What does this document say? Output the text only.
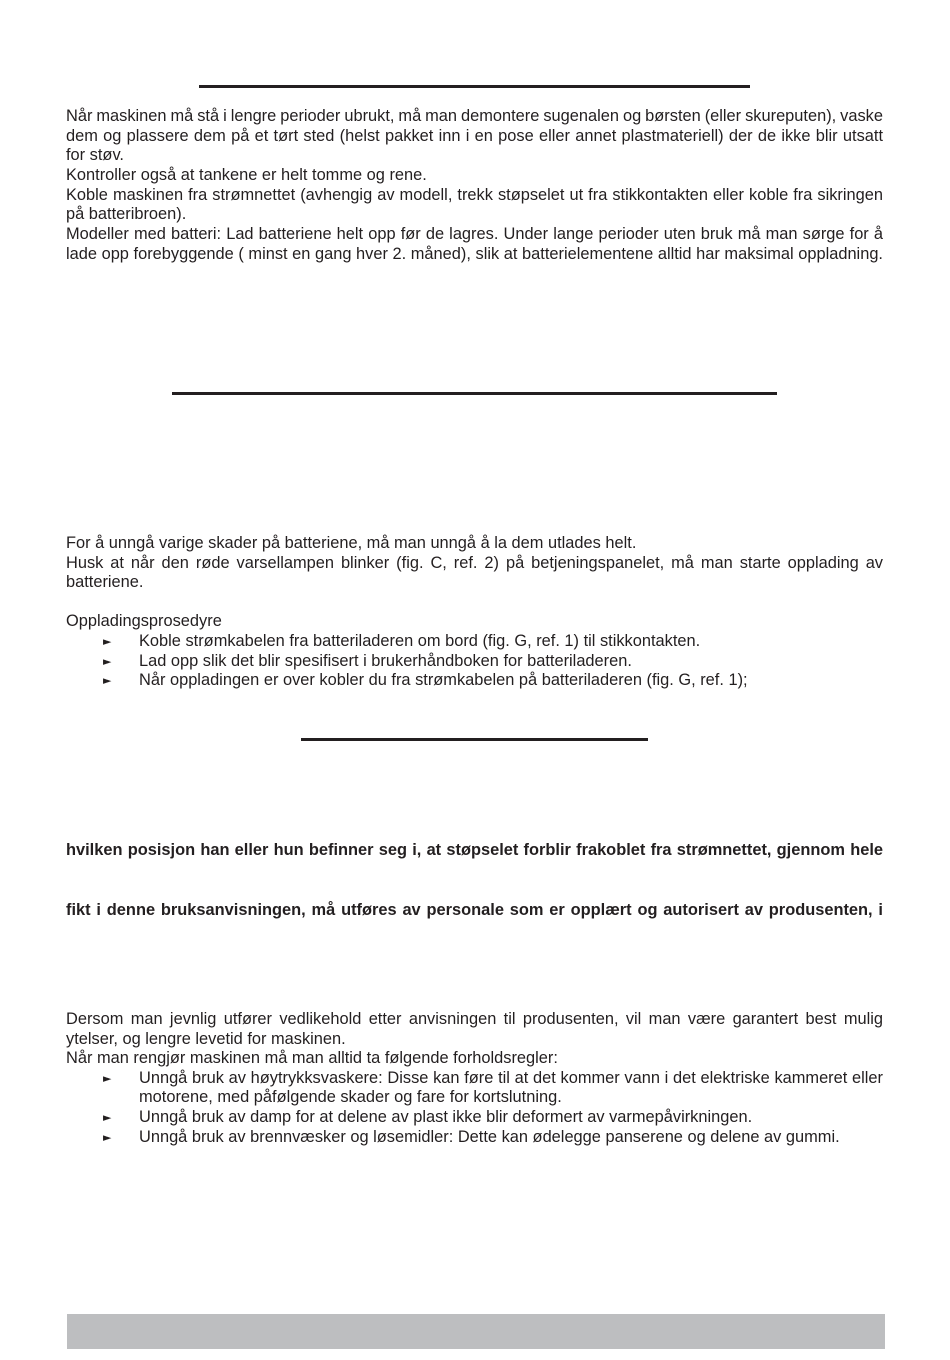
Når maskinen må stå i lengre perioder ubrukt, må man demontere sugenalen og børsten (eller skureputen), vaske
dem og plassere dem på et tørt sted (helst pakket inn i en pose eller annet plastmateriell) der de ikke blir utsatt
for støv.
Kontroller også at tankene er helt tomme og rene.
Koble maskinen fra strømnettet (avhengig av modell, trekk støpselet ut fra stikkontakten eller koble fra sikringen
på batteribroen).
Modeller med batteri: Lad batteriene helt opp før de lagres. Under lange perioder uten bruk må man sørge for å
lade opp forebyggende ( minst en gang hver 2. måned), slik at batterielementene alltid har maksimal oppladning.
For å unngå varige skader på batteriene, må man unngå å la dem utlades helt.
Husk at når den røde varsellampen blinker (fig. C, ref. 2) på betjeningspanelet, må man starte opplading av
batteriene.
Oppladingsprosedyre
► Koble strømkabelen fra batteriladeren om bord (fig. G, ref. 1) til stikkontakten.
► Lad opp slik det blir spesifisert i brukerhåndboken for batteriladeren.
► Når oppladingen er over kobler du fra strømkabelen på batteriladeren (fig. G, ref. 1);
hvilken posisjon han eller hun befinner seg i, at støpselet forblir frakoblet fra strømnettet, gjennom hele
fikt i denne bruksanvisningen, må utføres av personale som er opplært og autorisert av produsenten, i
Dersom man jevnlig utfører vedlikehold etter anvisningen til produsenten, vil man være garantert best mulig
ytelser, og lengre levetid for maskinen.
Når man rengjør maskinen må man alltid ta følgende forholdsregler:
► Unngå bruk av høytrykksvaskere: Disse kan føre til at det kommer vann i det elektriske kammeret eller
motorene, med påfølgende skader og fare for kortslutning.
► Unngå bruk av damp for at delene av plast ikke blir deformert av varmepåvirkningen.
► Unngå bruk av brennvæsker og løsemidler: Dette kan ødelegge panserene og delene av gummi.
